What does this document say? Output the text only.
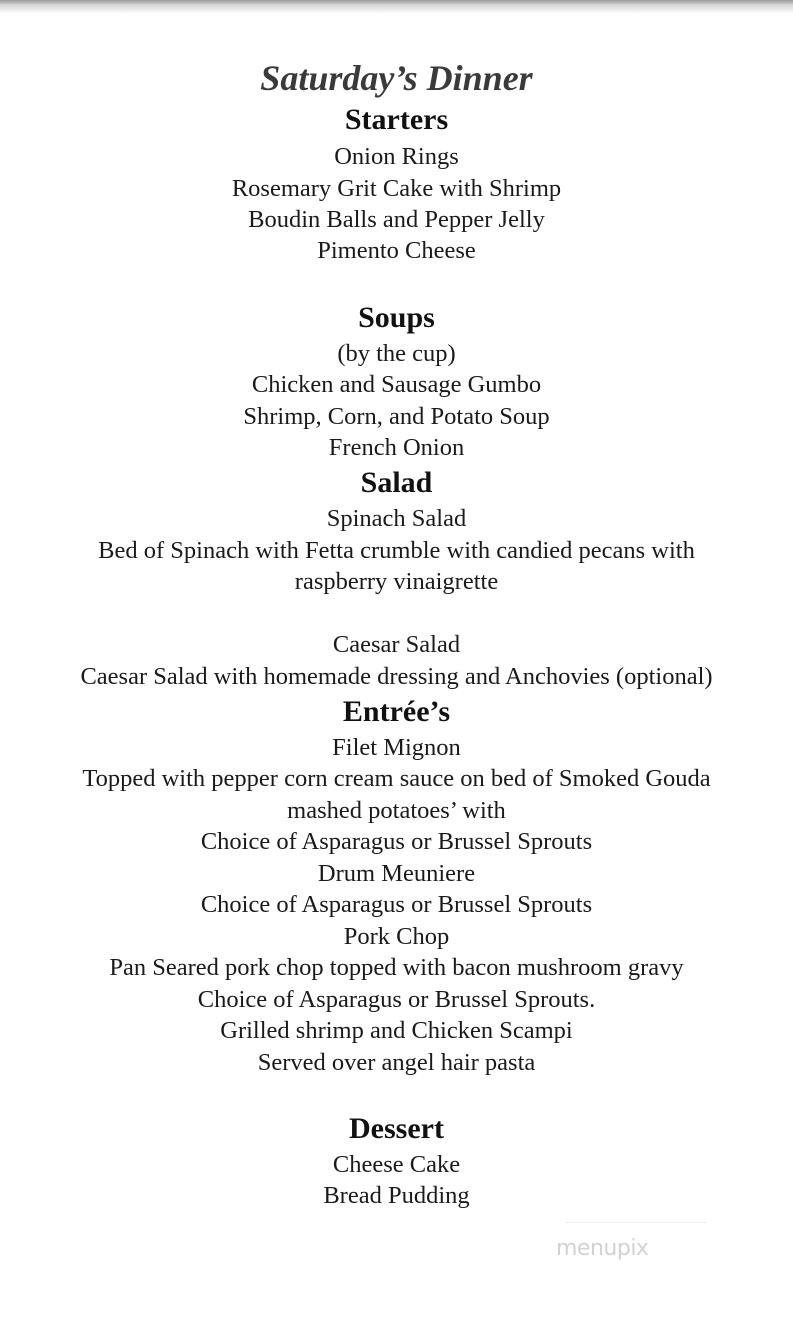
Saturday’s Dinner
Starters

Onion Rings

Rosemary Grit Cake with Shrimp

Boudin Balls and Pepper Jelly

Pimento Cheese

Soups

(by the cup)

Chicken and Sausage Gumbo

Shrimp, Corn, and Potato Soup

French Onion

Salad

Spinach Salad

Bed of Spinach with Fetta crumble with candied pecans with

raspberry vinaigrette

Caesar Salad

Caesar Salad with homemade dressing and Anchovies (optional)

Entrée’s

Filet Mignon

Topped with pepper corn cream sauce on bed of Smoked Gouda

mashed potatoes’ with

Choice of Asparagus or Brussel Sprouts

Drum Meuniere

Choice of Asparagus or Brussel Sprouts

Pork Chop

Pan Seared pork chop topped with bacon mushroom gravy

Choice of Asparagus or Brussel Sprouts.

Grilled shrimp and Chicken Scampi

Served over angel hair pasta

Dessert

Cheese Cake

Bread Pudding

menupix
